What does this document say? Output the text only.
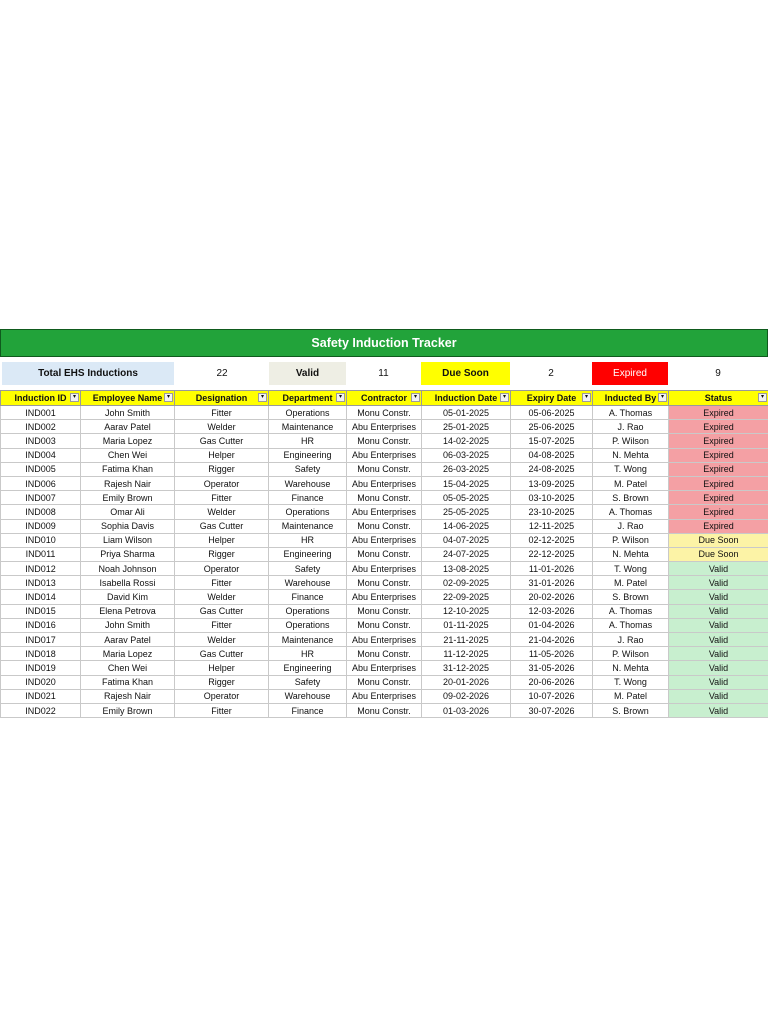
Safety Induction Tracker
Total EHS Inductions	22	Valid	11	Due Soon	2	Expired	9
Induction ID ▾	Employee Name ▾	Designation ▾	Department ▾	Contractor ▾	Induction Date ▾	Expiry Date ▾	Inducted By ▾	Status ▾

IND001	John Smith	Fitter	Operations	Monu Constr.	05-01-2025	05-06-2025	A. Thomas	Expired
IND002	Aarav Patel	Welder	Maintenance	Abu Enterprises	25-01-2025	25-06-2025	J. Rao	Expired
IND003	Maria Lopez	Gas Cutter	HR	Monu Constr.	14-02-2025	15-07-2025	P. Wilson	Expired
IND004	Chen Wei	Helper	Engineering	Abu Enterprises	06-03-2025	04-08-2025	N. Mehta	Expired
IND005	Fatima Khan	Rigger	Safety	Monu Constr.	26-03-2025	24-08-2025	T. Wong	Expired
IND006	Rajesh Nair	Operator	Warehouse	Abu Enterprises	15-04-2025	13-09-2025	M. Patel	Expired
IND007	Emily Brown	Fitter	Finance	Monu Constr.	05-05-2025	03-10-2025	S. Brown	Expired
IND008	Omar Ali	Welder	Operations	Abu Enterprises	25-05-2025	23-10-2025	A. Thomas	Expired
IND009	Sophia Davis	Gas Cutter	Maintenance	Monu Constr.	14-06-2025	12-11-2025	J. Rao	Expired
IND010	Liam Wilson	Helper	HR	Abu Enterprises	04-07-2025	02-12-2025	P. Wilson	Due Soon
IND011	Priya Sharma	Rigger	Engineering	Monu Constr.	24-07-2025	22-12-2025	N. Mehta	Due Soon
IND012	Noah Johnson	Operator	Safety	Abu Enterprises	13-08-2025	11-01-2026	T. Wong	Valid
IND013	Isabella Rossi	Fitter	Warehouse	Monu Constr.	02-09-2025	31-01-2026	M. Patel	Valid
IND014	David Kim	Welder	Finance	Abu Enterprises	22-09-2025	20-02-2026	S. Brown	Valid
IND015	Elena Petrova	Gas Cutter	Operations	Monu Constr.	12-10-2025	12-03-2026	A. Thomas	Valid
IND016	John Smith	Fitter	Operations	Monu Constr.	01-11-2025	01-04-2026	A. Thomas	Valid
IND017	Aarav Patel	Welder	Maintenance	Abu Enterprises	21-11-2025	21-04-2026	J. Rao	Valid
IND018	Maria Lopez	Gas Cutter	HR	Monu Constr.	11-12-2025	11-05-2026	P. Wilson	Valid
IND019	Chen Wei	Helper	Engineering	Abu Enterprises	31-12-2025	31-05-2026	N. Mehta	Valid
IND020	Fatima Khan	Rigger	Safety	Monu Constr.	20-01-2026	20-06-2026	T. Wong	Valid
IND021	Rajesh Nair	Operator	Warehouse	Abu Enterprises	09-02-2026	10-07-2026	M. Patel	Valid
IND022	Emily Brown	Fitter	Finance	Monu Constr.	01-03-2026	30-07-2026	S. Brown	Valid
